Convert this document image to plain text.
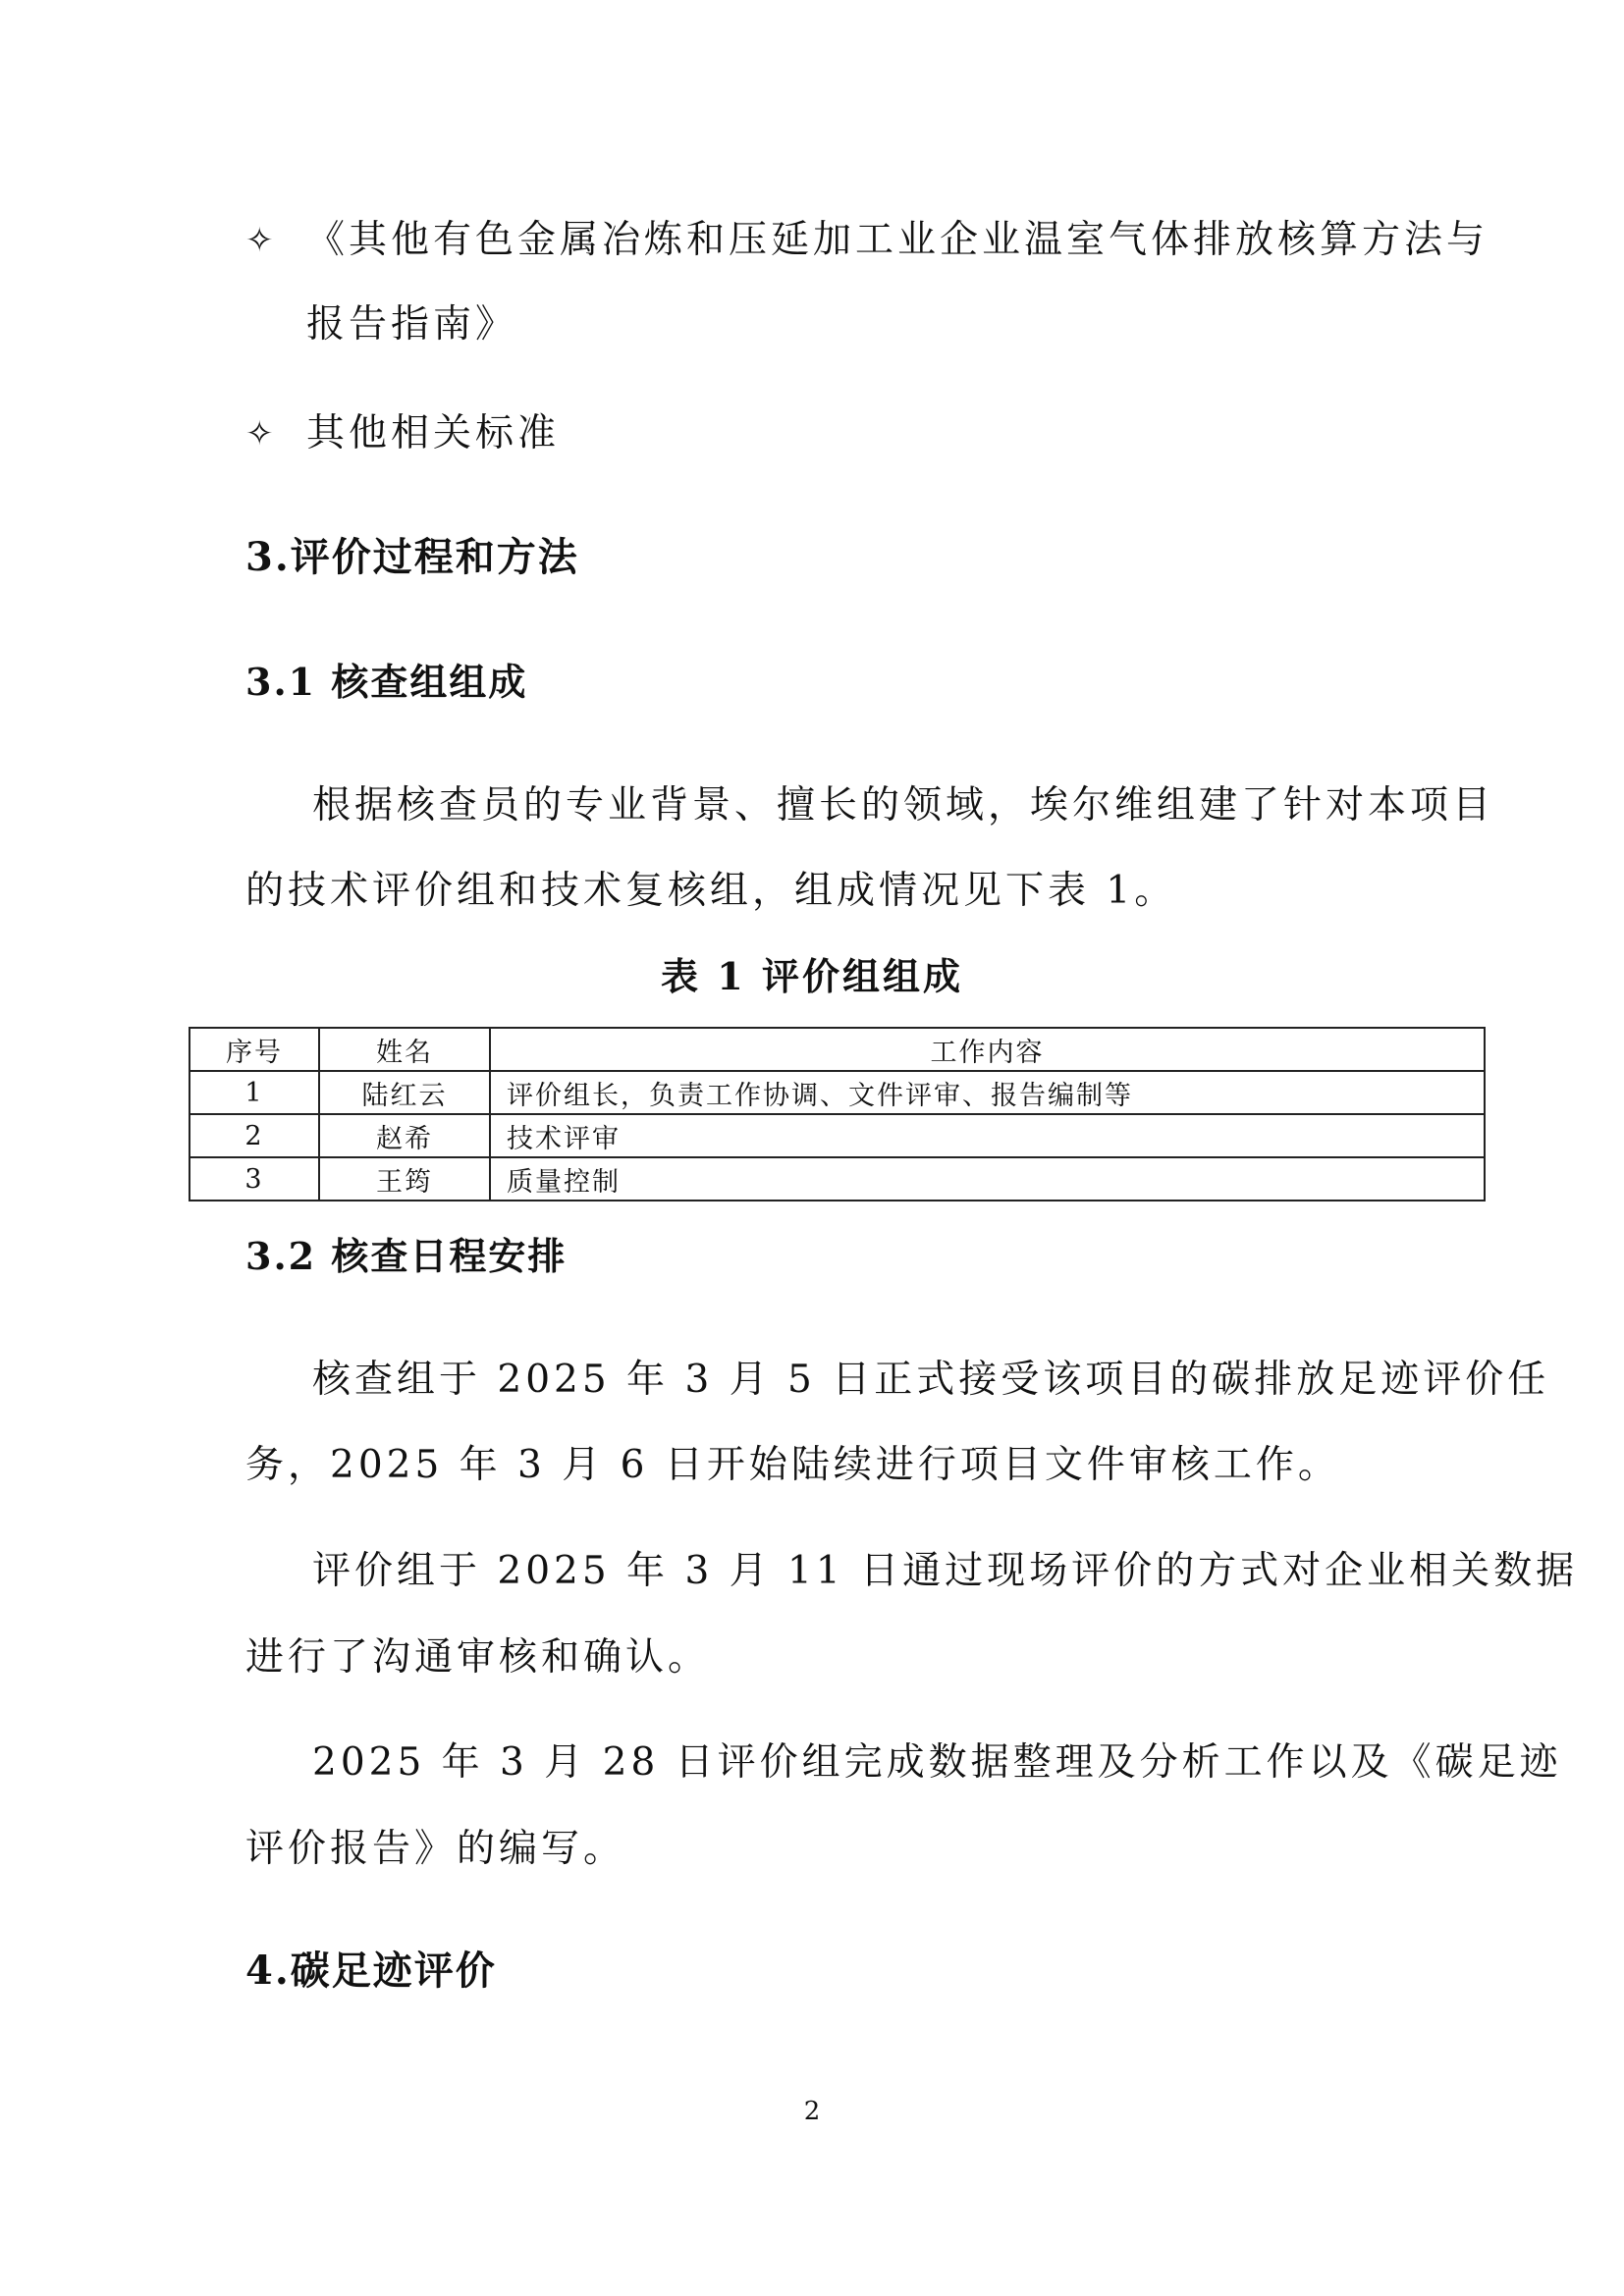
✧ 《其他有色金属冶炼和压延加工业企业温室气体排放核算方法与
报告指南》
✧ 其他相关标准
3.评价过程和方法
3.1 核查组组成
根据核查员的专业背景、擅长的领域，埃尔维组建了针对本项目
的技术评价组和技术复核组，组成情况见下表 1。
表 1 评价组组成
序号	姓名	工作内容
1	陆红云	评价组长，负责工作协调、文件评审、报告编制等
2	赵希	技术评审
3	王筠	质量控制
3.2 核查日程安排
核查组于 2025 年 3 月 5 日正式接受该项目的碳排放足迹评价任
务，2025 年 3 月 6 日开始陆续进行项目文件审核工作。
评价组于 2025 年 3 月 11 日通过现场评价的方式对企业相关数据
进行了沟通审核和确认。
2025 年 3 月 28 日评价组完成数据整理及分析工作以及《碳足迹
评价报告》的编写。
4.碳足迹评价
2
